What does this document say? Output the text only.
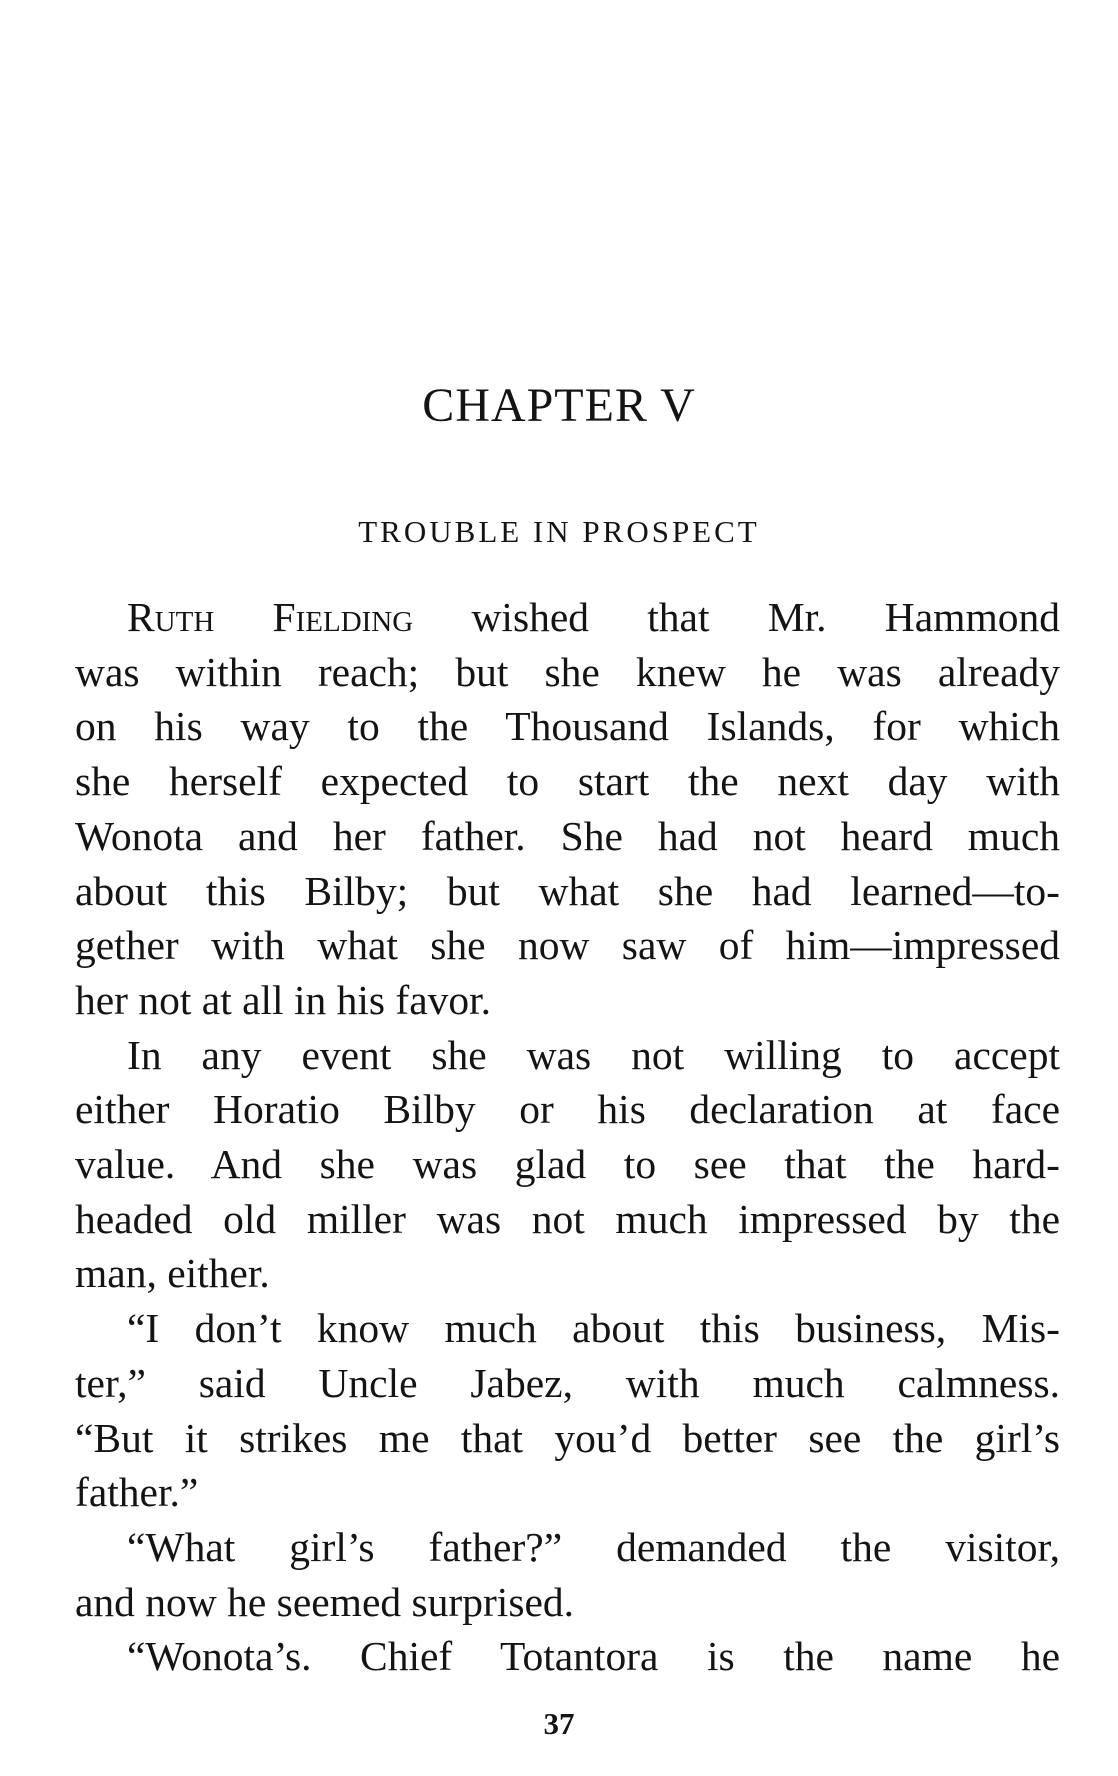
CHAPTER V
TROUBLE IN PROSPECT
Ruth Fielding wished that Mr. Hammond
was within reach; but she knew he was already
on his way to the Thousand Islands, for which
she herself expected to start the next day with
Wonota and her father. She had not heard much
about this Bilby; but what she had learned—to-
gether with what she now saw of him—impressed
her not at all in his favor.
In any event she was not willing to accept
either Horatio Bilby or his declaration at face
value. And she was glad to see that the hard-
headed old miller was not much impressed by the
man, either.
“I don’t know much about this business, Mis-
ter,” said Uncle Jabez, with much calmness.
“But it strikes me that you’d better see the girl’s
father.”
“What girl’s father?” demanded the visitor,
and now he seemed surprised.
“Wonota’s. Chief Totantora is the name he
37
